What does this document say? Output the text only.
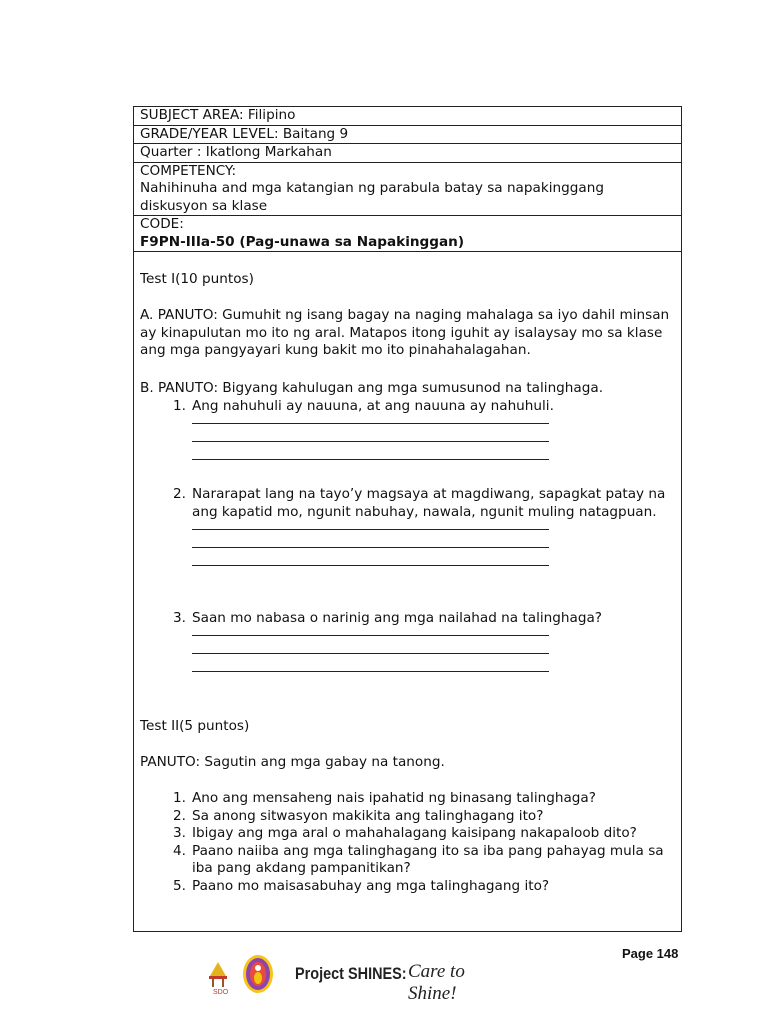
SUBJECT AREA: Filipino
GRADE/YEAR LEVEL: Baitang 9
Quarter : Ikatlong Markahan
COMPETENCY:
Nahihinuha and mga katangian ng parabula batay sa napakinggang diskusyon sa klase
CODE:
F9PN-IIIa-50 (Pag-unawa sa Napakinggan)
Test I(10 puntos)
A. PANUTO: Gumuhit ng isang bagay na naging mahalaga sa iyo dahil minsan ay kinapulutan mo ito ng aral. Matapos itong iguhit ay isalaysay mo sa klase ang mga pangyayari kung bakit mo ito pinahahalagahan.
B. PANUTO: Bigyang kahulugan ang mga sumusunod na talinghaga.
1. Ang nahuhuli ay nauuna, at ang nauuna ay nahuhuli.
2. Nararapat lang na tayo’y magsaya at magdiwang, sapagkat patay na ang kapatid mo, ngunit nabuhay, nawala, ngunit muling natagpuan.
3. Saan mo nabasa o narinig ang mga nailahad na talinghaga?
Test II(5 puntos)
PANUTO: Sagutin ang mga gabay na tanong.
1. Ano ang mensaheng nais ipahatid ng binasang talinghaga?
2. Sa anong sitwasyon makikita ang talinghagang ito?
3. Ibigay ang mga aral o mahahalagang kaisipang nakapaloob dito?
4. Paano naiiba ang mga talinghagang ito sa iba pang pahayag mula sa iba pang akdang pampanitikan?
5. Paano mo maisasabuhay ang mga talinghagang ito?
Page 148
SDO
Project SHINES: Care to Shine!
